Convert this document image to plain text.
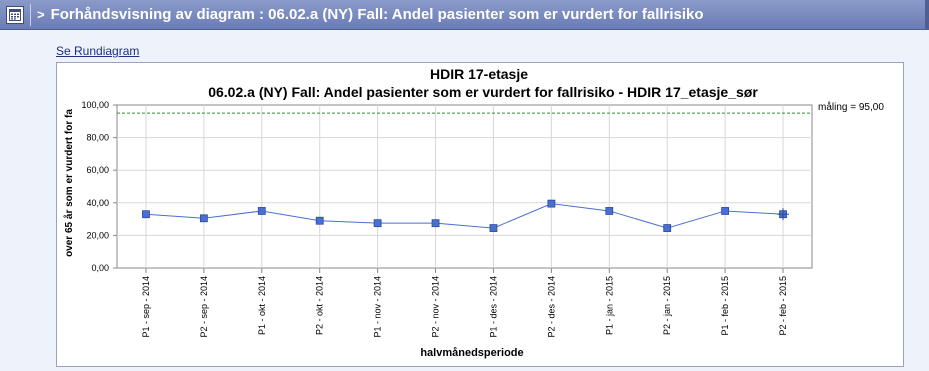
> Forhåndsvisning av diagram : 06.02.a (NY) Fall: Andel pasienter som er vurdert for fallrisiko
Se Rundiagram
HDIR 17-etasje
06.02.a (NY) Fall: Andel pasienter som er vurdert for fallrisiko - HDIR 17_etasje_sør
over 65 år som er vurdert for fa
halvmånedsperiode
0,00
20,00
40,00
60,00
80,00
100,00
P1 - sep - 2014	P2 - sep - 2014	P1 - okt - 2014	P2 - okt - 2014	P1 - nov - 2014	P2 - nov - 2014	P1 - des - 2014	P2 - des - 2014	P1 - jan - 2015	P2 - jan - 2015	P1 - feb - 2015	P2 - feb - 2015
måling = 95,00
